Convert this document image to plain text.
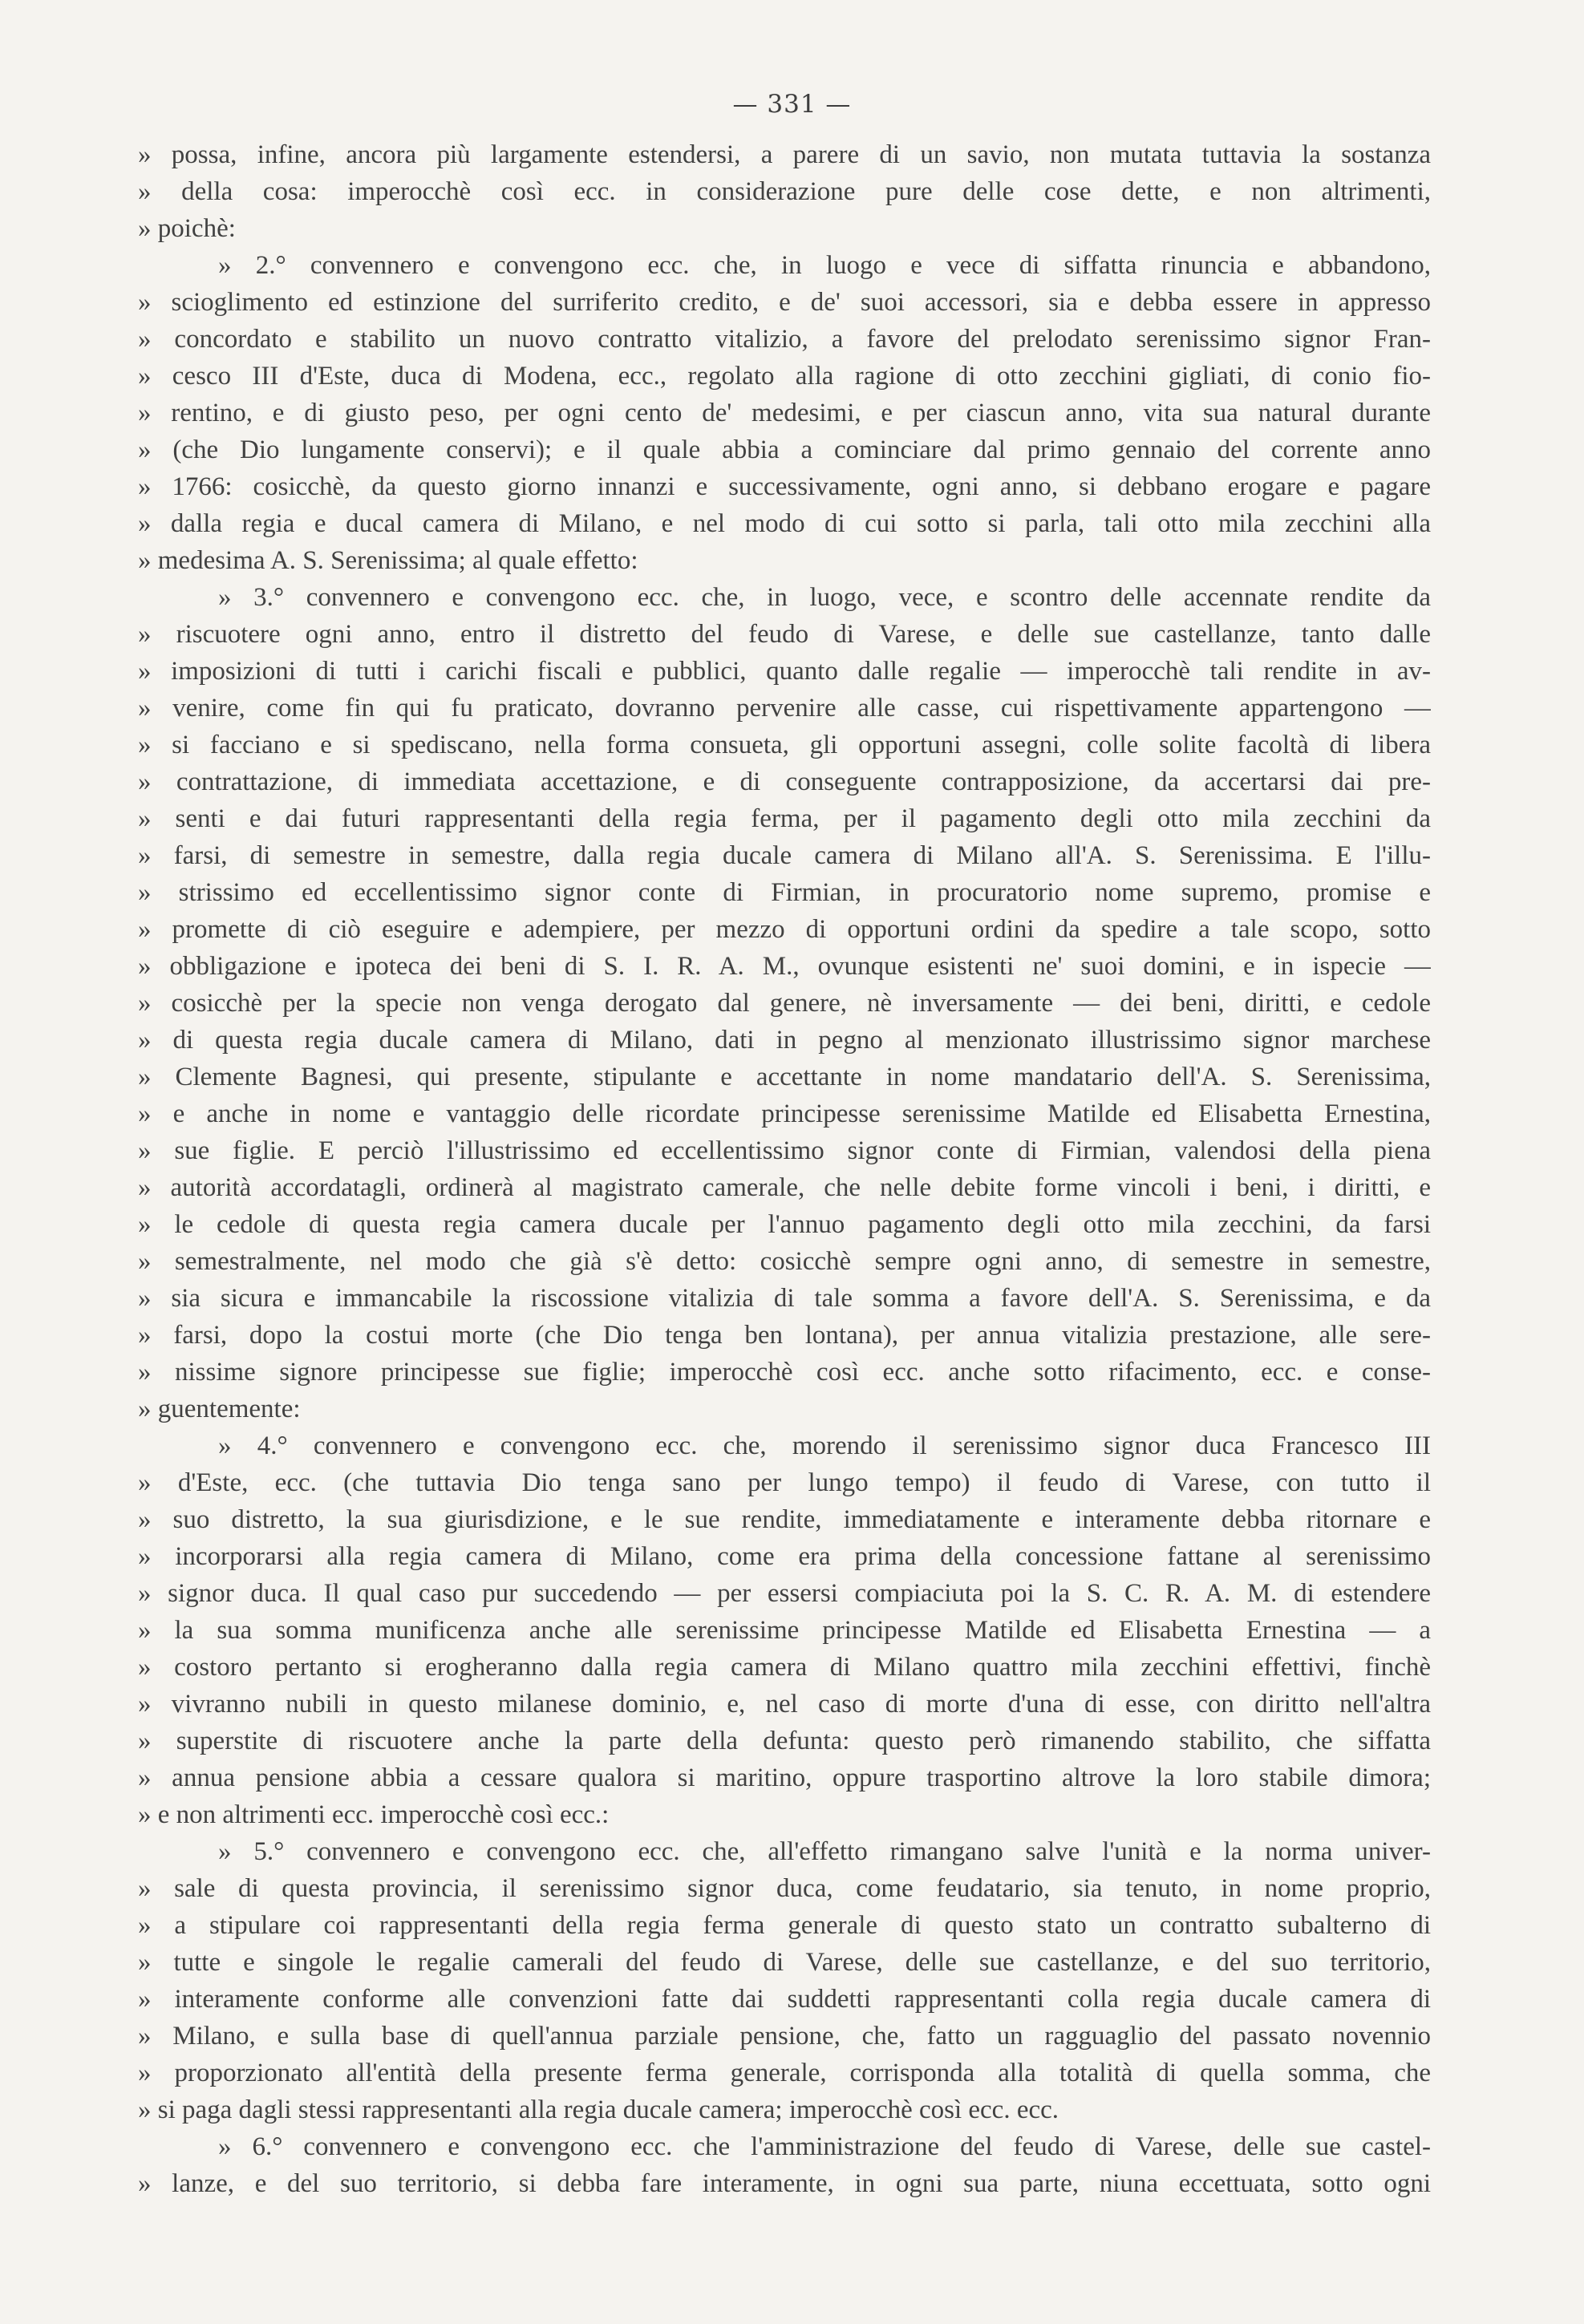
— 331 —
» possa, infine, ancora più largamente estendersi, a parere di un savio, non mutata tuttavia la sostanza
» della cosa: imperocchè così ecc. in considerazione pure delle cose dette, e non altrimenti,
» poichè:
» 2.° convennero e convengono ecc. che, in luogo e vece di siffatta rinuncia e abbandono,
» scioglimento ed estinzione del surriferito credito, e de' suoi accessori, sia e debba essere in appresso
» concordato e stabilito un nuovo contratto vitalizio, a favore del prelodato serenissimo signor Fran-
» cesco III d'Este, duca di Modena, ecc., regolato alla ragione di otto zecchini gigliati, di conio fio-
» rentino, e di giusto peso, per ogni cento de' medesimi, e per ciascun anno, vita sua natural durante
» (che Dio lungamente conservi); e il quale abbia a cominciare dal primo gennaio del corrente anno
» 1766: cosicchè, da questo giorno innanzi e successivamente, ogni anno, si debbano erogare e pagare
» dalla regia e ducal camera di Milano, e nel modo di cui sotto si parla, tali otto mila zecchini alla
» medesima A. S. Serenissima; al quale effetto:
» 3.° convennero e convengono ecc. che, in luogo, vece, e scontro delle accennate rendite da
» riscuotere ogni anno, entro il distretto del feudo di Varese, e delle sue castellanze, tanto dalle
» imposizioni di tutti i carichi fiscali e pubblici, quanto dalle regalie — imperocchè tali rendite in av-
» venire, come fin qui fu praticato, dovranno pervenire alle casse, cui rispettivamente appartengono —
» si facciano e si spediscano, nella forma consueta, gli opportuni assegni, colle solite facoltà di libera
» contrattazione, di immediata accettazione, e di conseguente contrapposizione, da accertarsi dai pre-
» senti e dai futuri rappresentanti della regia ferma, per il pagamento degli otto mila zecchini da
» farsi, di semestre in semestre, dalla regia ducale camera di Milano all'A. S. Serenissima. E l'illu-
» strissimo ed eccellentissimo signor conte di Firmian, in procuratorio nome supremo, promise e
» promette di ciò eseguire e adempiere, per mezzo di opportuni ordini da spedire a tale scopo, sotto
» obbligazione e ipoteca dei beni di S. I. R. A. M., ovunque esistenti ne' suoi domini, e in ispecie —
» cosicchè per la specie non venga derogato dal genere, nè inversamente — dei beni, diritti, e cedole
» di questa regia ducale camera di Milano, dati in pegno al menzionato illustrissimo signor marchese
» Clemente Bagnesi, qui presente, stipulante e accettante in nome mandatario dell'A. S. Serenissima,
» e anche in nome e vantaggio delle ricordate principesse serenissime Matilde ed Elisabetta Ernestina,
» sue figlie. E perciò l'illustrissimo ed eccellentissimo signor conte di Firmian, valendosi della piena
» autorità accordatagli, ordinerà al magistrato camerale, che nelle debite forme vincoli i beni, i diritti, e
» le cedole di questa regia camera ducale per l'annuo pagamento degli otto mila zecchini, da farsi
» semestralmente, nel modo che già s'è detto: cosicchè sempre ogni anno, di semestre in semestre,
» sia sicura e immancabile la riscossione vitalizia di tale somma a favore dell'A. S. Serenissima, e da
» farsi, dopo la costui morte (che Dio tenga ben lontana), per annua vitalizia prestazione, alle sere-
» nissime signore principesse sue figlie; imperocchè così ecc. anche sotto rifacimento, ecc. e conse-
» guentemente:
» 4.° convennero e convengono ecc. che, morendo il serenissimo signor duca Francesco III
» d'Este, ecc. (che tuttavia Dio tenga sano per lungo tempo) il feudo di Varese, con tutto il
» suo distretto, la sua giurisdizione, e le sue rendite, immediatamente e interamente debba ritornare e
» incorporarsi alla regia camera di Milano, come era prima della concessione fattane al serenissimo
» signor duca. Il qual caso pur succedendo — per essersi compiaciuta poi la S. C. R. A. M. di estendere
» la sua somma munificenza anche alle serenissime principesse Matilde ed Elisabetta Ernestina — a
» costoro pertanto si erogheranno dalla regia camera di Milano quattro mila zecchini effettivi, finchè
» vivranno nubili in questo milanese dominio, e, nel caso di morte d'una di esse, con diritto nell'altra
» superstite di riscuotere anche la parte della defunta: questo però rimanendo stabilito, che siffatta
» annua pensione abbia a cessare qualora si maritino, oppure trasportino altrove la loro stabile dimora;
» e non altrimenti ecc. imperocchè così ecc.:
» 5.° convennero e convengono ecc. che, all'effetto rimangano salve l'unità e la norma univer-
» sale di questa provincia, il serenissimo signor duca, come feudatario, sia tenuto, in nome proprio,
» a stipulare coi rappresentanti della regia ferma generale di questo stato un contratto subalterno di
» tutte e singole le regalie camerali del feudo di Varese, delle sue castellanze, e del suo territorio,
» interamente conforme alle convenzioni fatte dai suddetti rappresentanti colla regia ducale camera di
» Milano, e sulla base di quell'annua parziale pensione, che, fatto un ragguaglio del passato novennio
» proporzionato all'entità della presente ferma generale, corrisponda alla totalità di quella somma, che
» si paga dagli stessi rappresentanti alla regia ducale camera; imperocchè così ecc. ecc.
» 6.° convennero e convengono ecc. che l'amministrazione del feudo di Varese, delle sue castel-
» lanze, e del suo territorio, si debba fare interamente, in ogni sua parte, niuna eccettuata, sotto ogni
